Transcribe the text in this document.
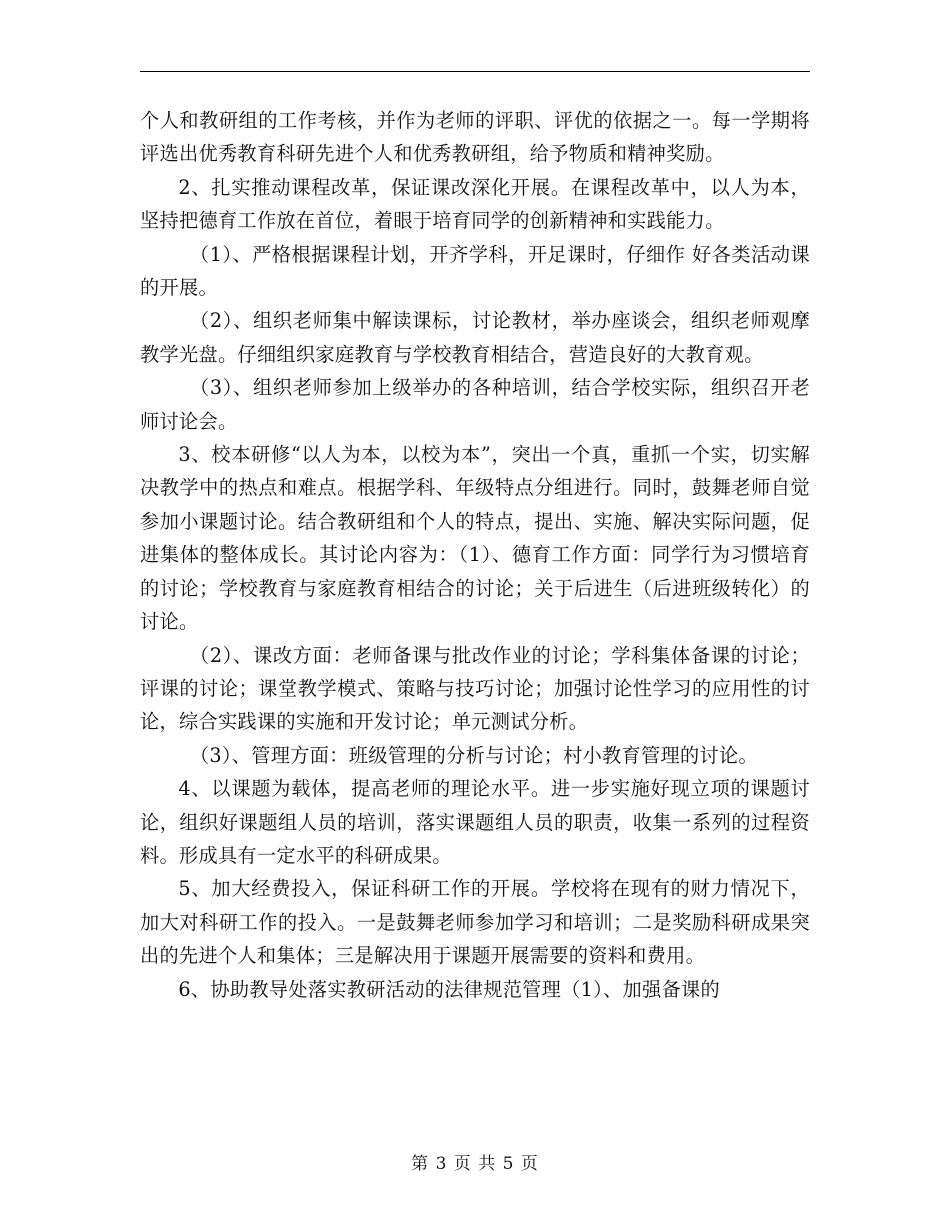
个人和教研组的工作考核，并作为老师的评职、评优的依据之一。每一学期将评选出优秀教育科研先进个人和优秀教研组，给予物质和精神奖励。

2、扎实推动课程改革，保证课改深化开展。在课程改革中，以人为本，坚持把德育工作放在首位，着眼于培育同学的创新精神和实践能力。

（1）、严格根据课程计划，开齐学科，开足课时，仔细作 好各类活动课的开展。

（2）、组织老师集中解读课标，讨论教材，举办座谈会，组织老师观摩教学光盘。仔细组织家庭教育与学校教育相结合，营造良好的大教育观。

（3）、组织老师参加上级举办的各种培训，结合学校实际，组织召开老师讨论会。

3、校本研修“以人为本，以校为本”，突出一个真，重抓一个实，切实解决教学中的热点和难点。根据学科、年级特点分组进行。同时，鼓舞老师自觉参加小课题讨论。结合教研组和个人的特点，提出、实施、解决实际问题，促进集体的整体成长。其讨论内容为：（1）、德育工作方面：同学行为习惯培育的讨论；学校教育与家庭教育相结合的讨论；关于后进生（后进班级转化）的讨论。

（2）、课改方面：老师备课与批改作业的讨论；学科集体备课的讨论；评课的讨论；课堂教学模式、策略与技巧讨论；加强讨论性学习的应用性的讨论，综合实践课的实施和开发讨论；单元测试分析。

（3）、管理方面：班级管理的分析与讨论；村小教育管理的讨论。

4、以课题为载体，提高老师的理论水平。进一步实施好现立项的课题讨论，组织好课题组人员的培训，落实课题组人员的职责，收集一系列的过程资料。形成具有一定水平的科研成果。

5、加大经费投入，保证科研工作的开展。学校将在现有的财力情况下，加大对科研工作的投入。一是鼓舞老师参加学习和培训；二是奖励科研成果突出的先进个人和集体；三是解决用于课题开展需要的资料和费用。

6、协助教导处落实教研活动的法律规范管理（1）、加强备课的

第 3 页 共 5 页
